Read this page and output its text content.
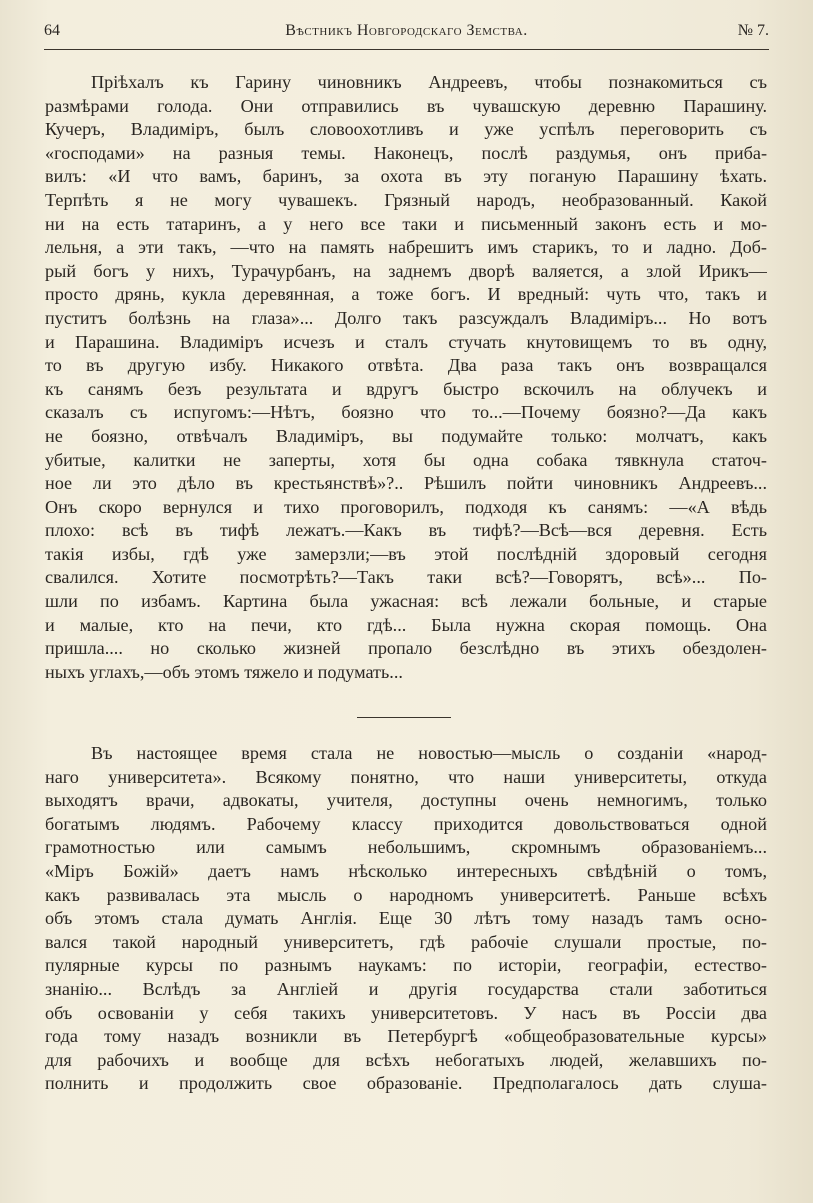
64	Вѣстникъ Новгородскаго Земства.	№ 7.
Пріѣхалъ къ Гарину чиновникъ Андреевъ, чтобы познакомиться съ
размѣрами голода. Они отправились въ чувашскую деревню Парашину.
Кучеръ, Владиміръ, былъ словоохотливъ и уже успѣлъ переговорить съ
«господами» на разныя темы. Наконецъ, послѣ раздумья, онъ приба-
вилъ: «И что вамъ, баринъ, за охота въ эту поганую Парашину ѣхать.
Терпѣть я не могу чувашекъ. Грязный народъ, необразованный. Какой
ни на есть татаринъ, а у него все таки и письменный законъ есть и мо-
лельня, а эти такъ, —что на память набрешитъ имъ старикъ, то и ладно. Доб-
рый богъ у нихъ, Турачурбанъ, на заднемъ дворѣ валяется, а злой Ирикъ—
просто дрянь, кукла деревянная, а тоже богъ. И вредный: чуть что, такъ и
пуститъ болѣзнь на глаза»... Долго такъ разсуждалъ Владиміръ... Но вотъ
и Парашина. Владиміръ исчезъ и сталъ стучать кнутовищемъ то въ одну,
то въ другую избу. Никакого отвѣта. Два раза такъ онъ возвращался
къ санямъ безъ результата и вдругъ быстро вскочилъ на облучекъ и
сказалъ съ испугомъ:—Нѣтъ, боязно что то...—Почему боязно?—Да какъ
не боязно, отвѣчалъ Владиміръ, вы подумайте только: молчатъ, какъ
убитые, калитки не заперты, хотя бы одна собака тявкнула статоч-
ное ли это дѣло въ крестьянствѣ»?.. Рѣшилъ пойти чиновникъ Андреевъ...
Онъ скоро вернулся и тихо проговорилъ, подходя къ санямъ: —«А вѣдь
плохо: всѣ въ тифѣ лежатъ.—Какъ въ тифѣ?—Всѣ—вся деревня. Есть
такія избы, гдѣ уже замерзли;—въ этой послѣдній здоровый сегодня
свалился. Хотите посмотрѣть?—Такъ таки всѣ?—Говорятъ, всѣ»... По-
шли по избамъ. Картина была ужасная: всѣ лежали больные, и старые
и малые, кто на печи, кто гдѣ... Была нужна скорая помощь. Она
пришла.... но сколько жизней пропало безслѣдно въ этихъ обездолен-
ныхъ углахъ,—объ этомъ тяжело и подумать...
Въ настоящее время стала не новостью—мысль о созданіи «народ-
наго университета». Всякому понятно, что наши университеты, откуда
выходятъ врачи, адвокаты, учителя, доступны очень немногимъ, только
богатымъ людямъ. Рабочему классу приходится довольствоваться одной
грамотностью или самымъ небольшимъ, скромнымъ образованіемъ...
«Міръ Божій» даетъ намъ нѣсколько интересныхъ свѣдѣній о томъ,
какъ развивалась эта мысль о народномъ университетѣ. Раньше всѣхъ
объ этомъ стала думать Англія. Еще 30 лѣтъ тому назадъ тамъ осно-
вался такой народный университетъ, гдѣ рабочіе слушали простые, по-
пулярные курсы по разнымъ наукамъ: по исторіи, географіи, естество-
знанію... Вслѣдъ за Англіей и другія государства стали заботиться
объ освованіи у себя такихъ университетовъ. У насъ въ Россіи два
года тому назадъ возникли въ Петербургѣ «общеобразовательные курсы»
для рабочихъ и вообще для всѣхъ небогатыхъ людей, желавшихъ по-
полнить и продолжить свое образованіе. Предполагалось дать слуша-
